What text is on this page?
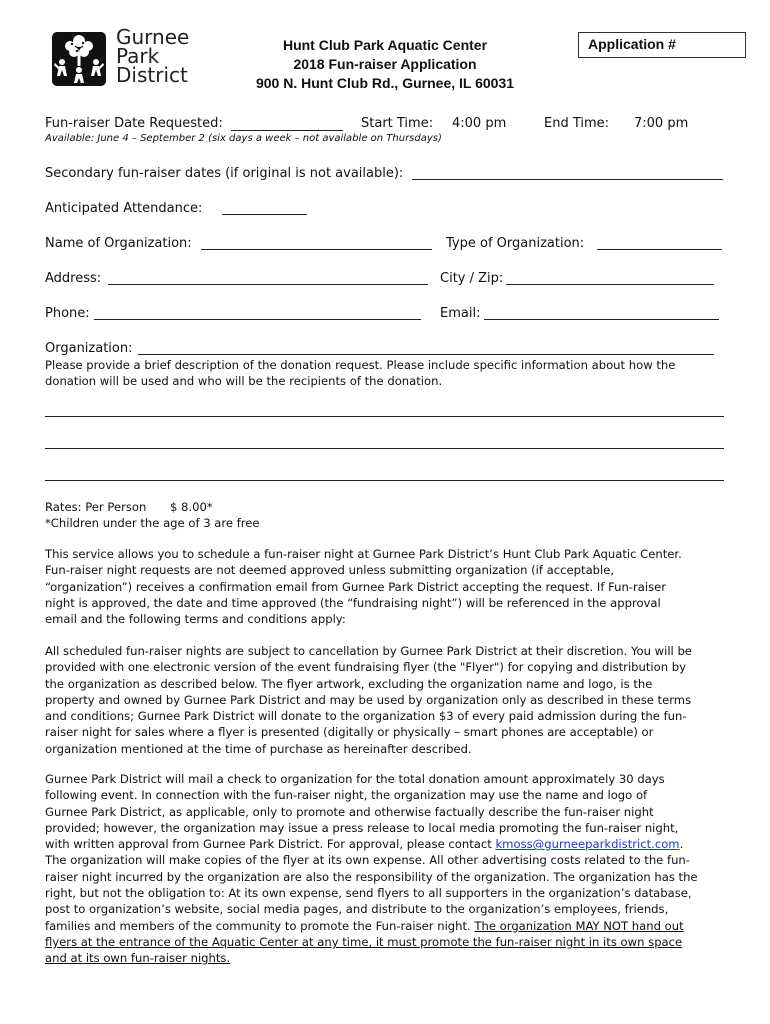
Gurnee
Park
District
Hunt Club Park Aquatic Center
2018 Fun-raiser Application
900 N. Hunt Club Rd., Gurnee, IL 60031
Application #
Fun-raiser Date Requested:	Start Time: 4:00 pm	End Time: 7:00 pm
Available: June 4 – September 2 (six days a week – not available on Thursdays)
Secondary fun-raiser dates (if original is not available):
Anticipated Attendance:
Name of Organization:	Type of Organization:
Address:	City / Zip:
Phone:	Email:
Organization:
Please provide a brief description of the donation request. Please include specific information about how the
donation will be used and who will be the recipients of the donation.
Rates: Per Person $ 8.00*
*Children under the age of 3 are free
This service allows you to schedule a fun-raiser night at Gurnee Park District’s Hunt Club Park Aquatic Center.
Fun-raiser night requests are not deemed approved unless submitting organization (if acceptable,
“organization”) receives a confirmation email from Gurnee Park District accepting the request. If Fun-raiser
night is approved, the date and time approved (the “fundraising night”) will be referenced in the approval
email and the following terms and conditions apply:
All scheduled fun-raiser nights are subject to cancellation by Gurnee Park District at their discretion. You will be
provided with one electronic version of the event fundraising flyer (the "Flyer") for copying and distribution by
the organization as described below. The flyer artwork, excluding the organization name and logo, is the
property and owned by Gurnee Park District and may be used by organization only as described in these terms
and conditions; Gurnee Park District will donate to the organization $3 of every paid admission during the fun-
raiser night for sales where a flyer is presented (digitally or physically – smart phones are acceptable) or
organization mentioned at the time of purchase as hereinafter described.
Gurnee Park District will mail a check to organization for the total donation amount approximately 30 days
following event. In connection with the fun-raiser night, the organization may use the name and logo of
Gurnee Park District, as applicable, only to promote and otherwise factually describe the fun-raiser night
provided; however, the organization may issue a press release to local media promoting the fun-raiser night,
with written approval from Gurnee Park District. For approval, please contact kmoss@gurneeparkdistrict.com.
The organization will make copies of the flyer at its own expense. All other advertising costs related to the fun-
raiser night incurred by the organization are also the responsibility of the organization. The organization has the
right, but not the obligation to: At its own expense, send flyers to all supporters in the organization’s database,
post to organization’s website, social media pages, and distribute to the organization’s employees, friends,
families and members of the community to promote the Fun-raiser night. The organization MAY NOT hand out
flyers at the entrance of the Aquatic Center at any time, it must promote the fun-raiser night in its own space
and at its own fun-raiser nights.
